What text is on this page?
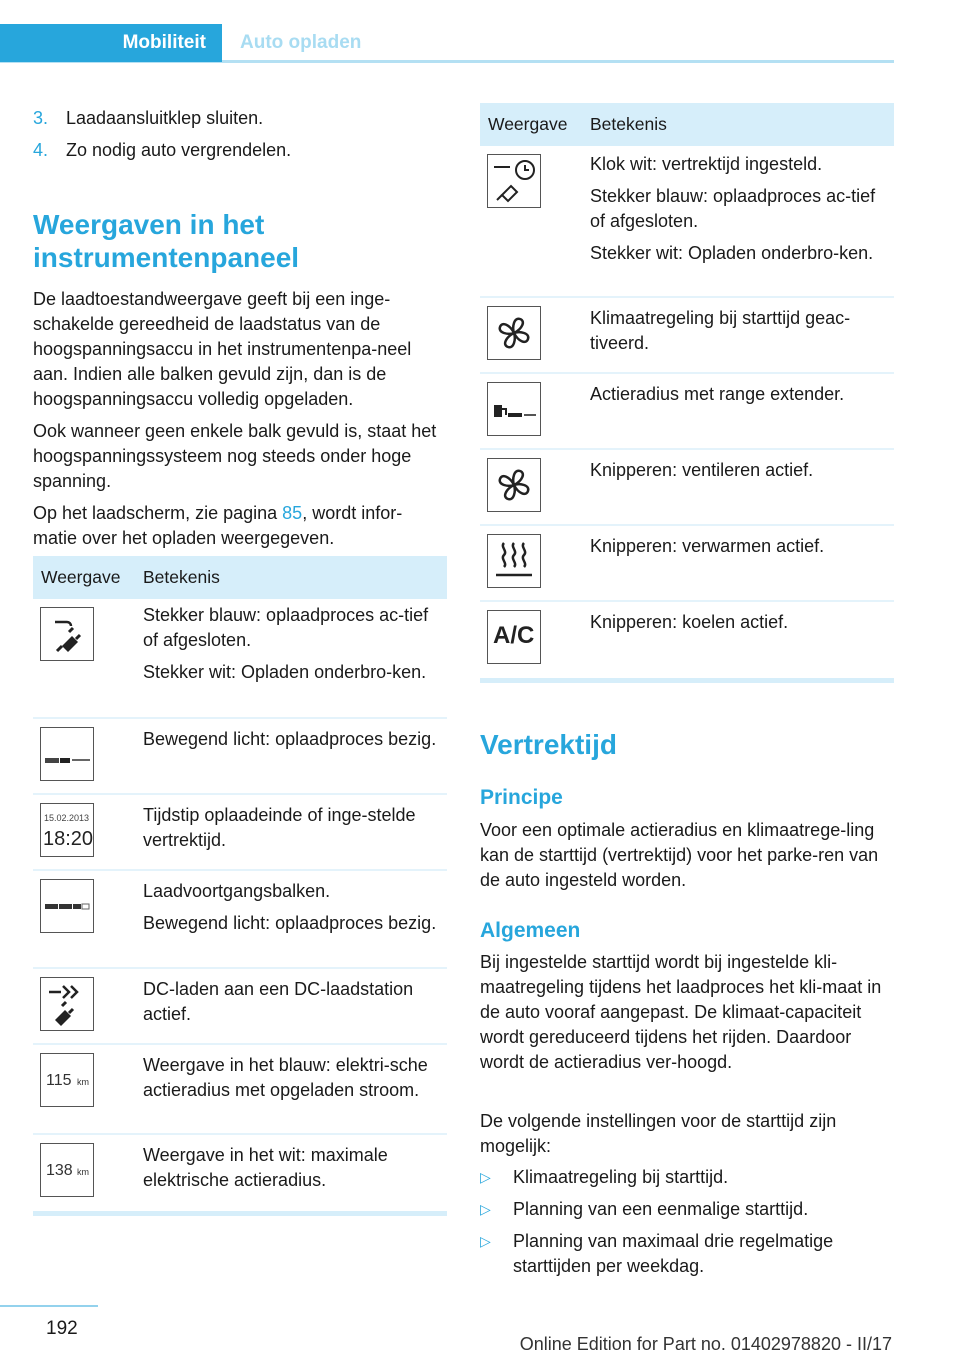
Mobiliteit	Auto opladen
3. Laadaansluitklep sluiten.
4. Zo nodig auto vergrendelen.
Weergaven in het
instrumentenpaneel
De laadtoestandweergave geeft bij een inge-schakelde gereedheid de laadstatus van de hoogspanningsaccu in het instrumentenpa-neel aan. Indien alle balken gevuld zijn, dan is de hoogspanningsaccu volledig opgeladen.
Ook wanneer geen enkele balk gevuld is, staat het hoogspanningssysteem nog steeds onder hoge spanning.
Op het laadscherm, zie pagina 85, wordt infor-matie over het opladen weergegeven.
Weergave Betekenis

Stekker blauw: oplaadproces ac-tief of afgesloten.

Stekker wit: Opladen onderbro-ken.

Bewegend licht: oplaadproces bezig.

15.02.2013
18:20

Tijdstip oplaadeinde of inge-stelde vertrektijd.

Laadvoortgangsbalken.

Bewegend licht: oplaadproces bezig.

DC-laden aan een DC-laadstation actief.

115 km

Weergave in het blauw: elektri-sche actieradius met opgeladen stroom.

138 km

Weergave in het wit: maximale elektrische actieradius.

Weergave Betekenis

Klok wit: vertrektijd ingesteld.

Stekker blauw: oplaadproces ac-tief of afgesloten.

Stekker wit: Opladen onderbro-ken.

Klimaatregeling bij starttijd geac-tiveerd.

Actieradius met range extender.

Knipperen: ventileren actief.

Knipperen: verwarmen actief.

A/C	Knipperen: koelen actief.

Vertrektijd
Principe
Voor een optimale actieradius en klimaatrege-ling kan de starttijd (vertrektijd) voor het parke-ren van de auto ingesteld worden.
Algemeen
Bij ingestelde starttijd wordt bij ingestelde kli-maatregeling tijdens het laadproces het kli-maat in de auto vooraf aangepast. De klimaat-capaciteit wordt gereduceerd tijdens het rijden. Daardoor wordt de actieradius ver-hoogd.
De volgende instellingen voor de starttijd zijn mogelijk:
▷ Klimaatregeling bij starttijd.
▷ Planning van een eenmalige starttijd.
▷ Planning van maximaal drie regelmatige starttijden per weekdag.
192
Online Edition for Part no. 01402978820 - II/17
